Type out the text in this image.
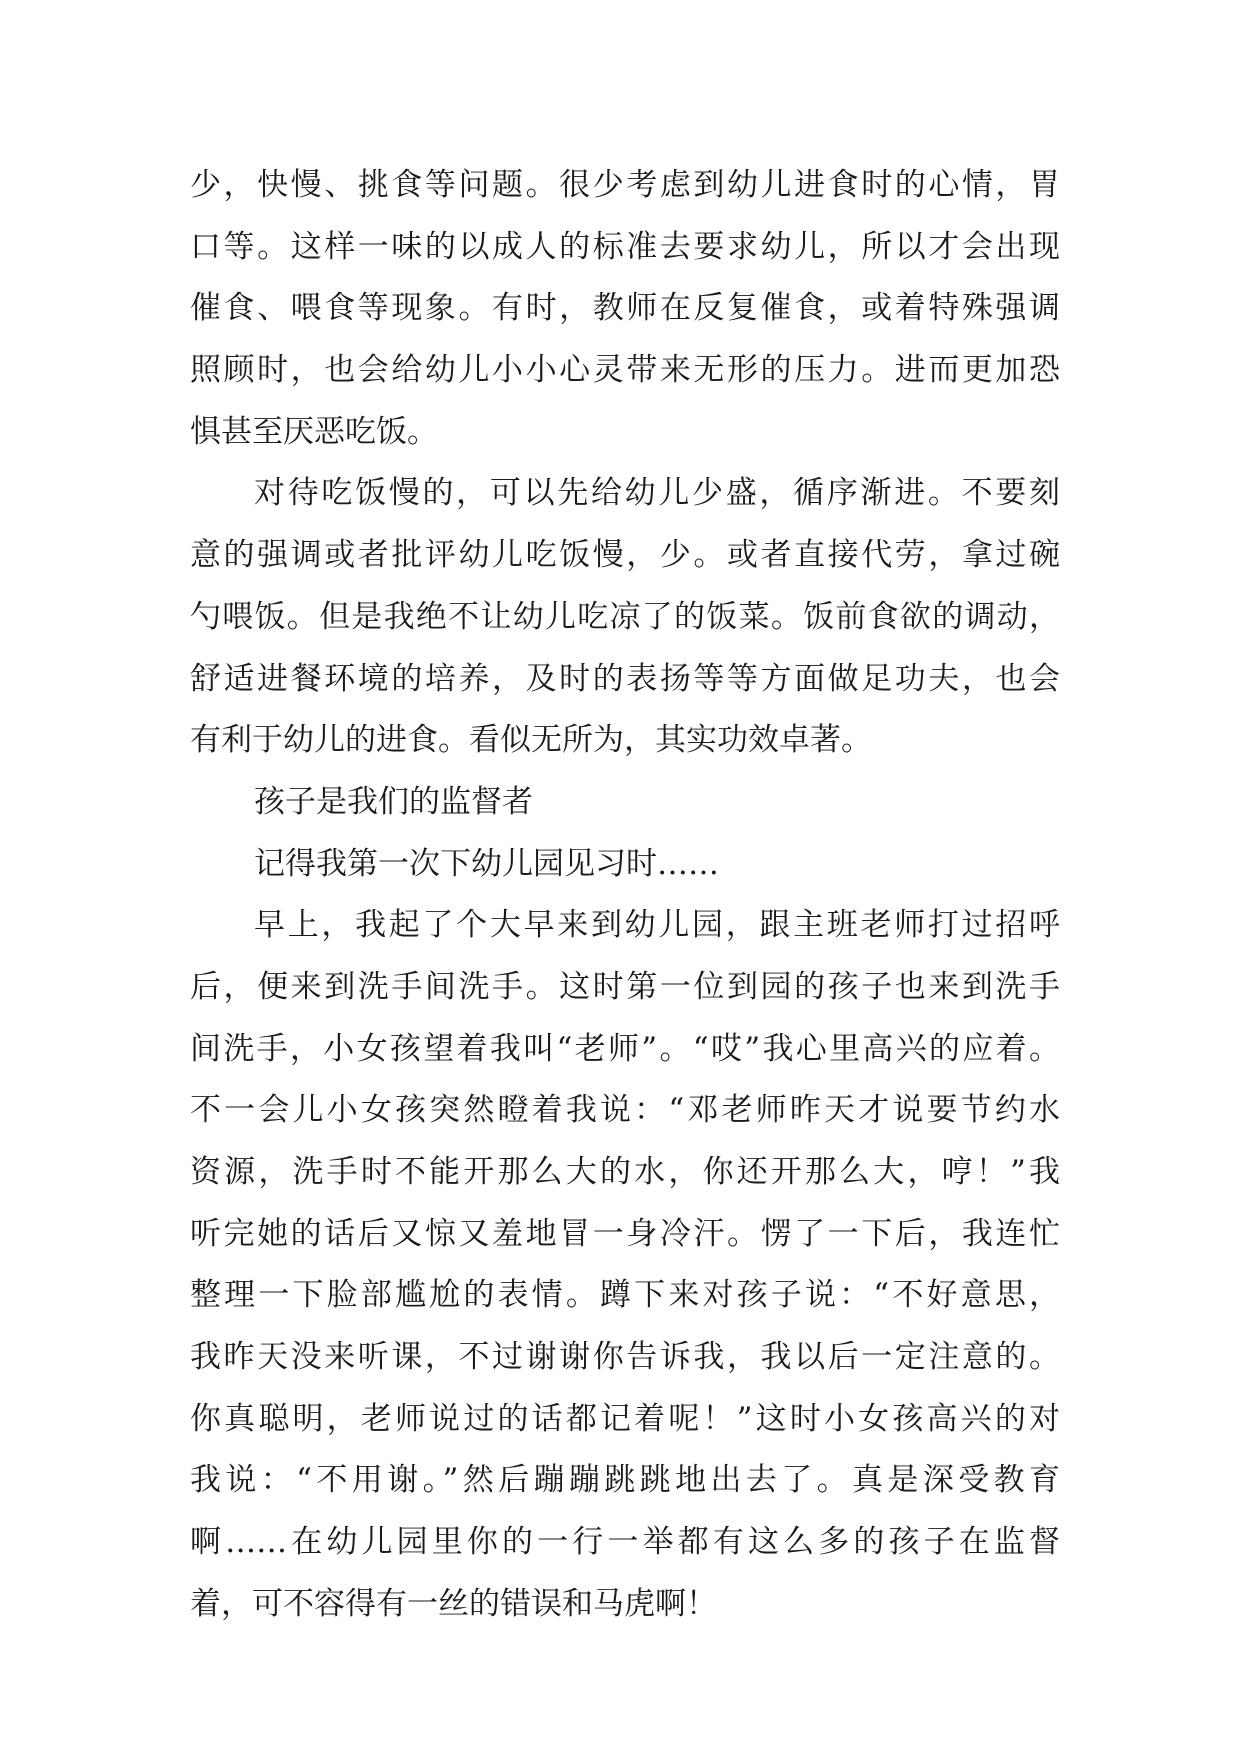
少，快慢、挑食等问题。很少考虑到幼儿进食时的心情，胃
口等。这样一味的以成人的标准去要求幼儿，所以才会出现
催食、喂食等现象。有时，教师在反复催食，或着特殊强调
照顾时，也会给幼儿小小心灵带来无形的压力。进而更加恐
惧甚至厌恶吃饭。
对待吃饭慢的，可以先给幼儿少盛，循序渐进。不要刻
意的强调或者批评幼儿吃饭慢，少。或者直接代劳，拿过碗
勺喂饭。但是我绝不让幼儿吃凉了的饭菜。饭前食欲的调动，
舒适进餐环境的培养，及时的表扬等等方面做足功夫，也会
有利于幼儿的进食。看似无所为，其实功效卓著。
孩子是我们的监督者
记得我第一次下幼儿园见习时……
早上，我起了个大早来到幼儿园，跟主班老师打过招呼
后，便来到洗手间洗手。这时第一位到园的孩子也来到洗手
间洗手，小女孩望着我叫“老师”。“哎”我心里高兴的应着。
不一会儿小女孩突然瞪着我说：“邓老师昨天才说要节约水
资源，洗手时不能开那么大的水，你还开那么大，哼！”我
听完她的话后又惊又羞地冒一身冷汗。愣了一下后，我连忙
整理一下脸部尴尬的表情。蹲下来对孩子说：“不好意思，
我昨天没来听课，不过谢谢你告诉我，我以后一定注意的。
你真聪明，老师说过的话都记着呢！”这时小女孩高兴的对
我说：“不用谢。”然后蹦蹦跳跳地出去了。真是深受教育
啊……在幼儿园里你的一行一举都有这么多的孩子在监督
着，可不容得有一丝的错误和马虎啊！
